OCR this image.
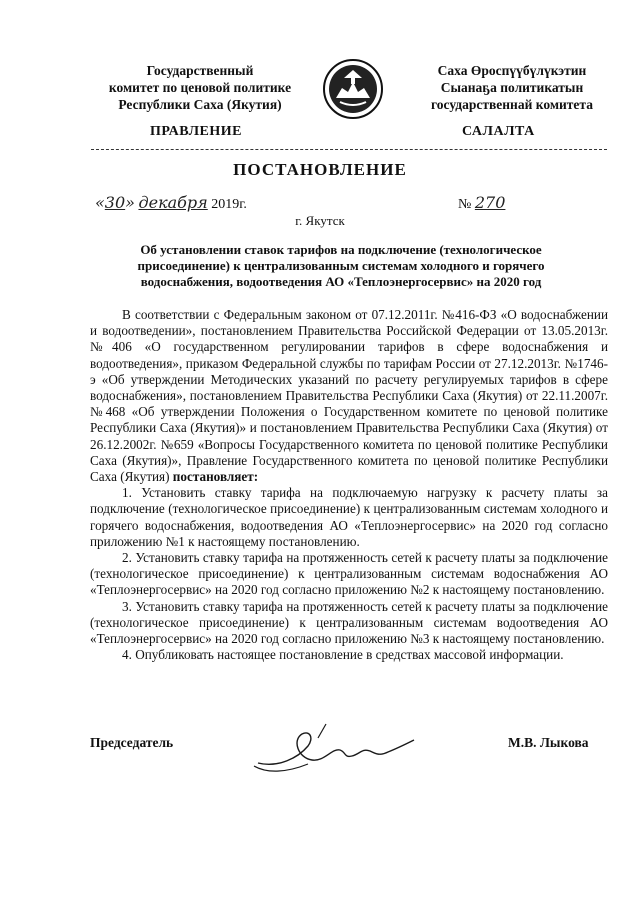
Государственный
комитет по ценовой политике
Республики Саха (Якутия)
Саха Өроспүүбүлүкэтин
Сыанаҕа политикатын
государственнай комитета
ПРАВЛЕНИЕ	САЛАЛТА
ПОСТАНОВЛЕНИЕ
«30» декабря 2019г.	№ 270
г. Якутск
Об установлении ставок тарифов на подключение (технологическое присоединение) к централизованным системам холодного и горячего водоснабжения, водоотведения АО «Теплоэнергосервис» на 2020 год

В соответствии с Федеральным законом от 07.12.2011г. №416-ФЗ «О водоснабжении и водоотведении», постановлением Правительства Российской Федерации от 13.05.2013г. №406 «О государственном регулировании тарифов в сфере водоснабжения и водоотведения», приказом Федеральной службы по тарифам России от 27.12.2013г. №1746-э «Об утверждении Методических указаний по расчету регулируемых тарифов в сфере водоснабжения», постановлением Правительства Республики Саха (Якутия) от 22.11.2007г. №468 «Об утверждении Положения о Государственном комитете по ценовой политике Республики Саха (Якутия)» и постановлением Правительства Республики Саха (Якутия) от 26.12.2002г. №659 «Вопросы Государственного комитета по ценовой политике Республики Саха (Якутия)», Правление Государственного комитета по ценовой политике Республики Саха (Якутия) постановляет:

1. Установить ставку тарифа на подключаемую нагрузку к расчету платы за подключение (технологическое присоединение) к централизованным системам холодного и горячего водоснабжения, водоотведения АО «Теплоэнергосервис» на 2020 год согласно приложению №1 к настоящему постановлению.

2. Установить ставку тарифа на протяженность сетей к расчету платы за подключение (технологическое присоединение) к централизованным системам водоснабжения АО «Теплоэнергосервис» на 2020 год согласно приложению №2 к настоящему постановлению.

3. Установить ставку тарифа на протяженность сетей к расчету платы за подключение (технологическое присоединение) к централизованным системам водоотведения АО «Теплоэнергосервис» на 2020 год согласно приложению №3 к настоящему постановлению.

4. Опубликовать настоящее постановление в средствах массовой информации.

Председатель	М.В. Лыкова
